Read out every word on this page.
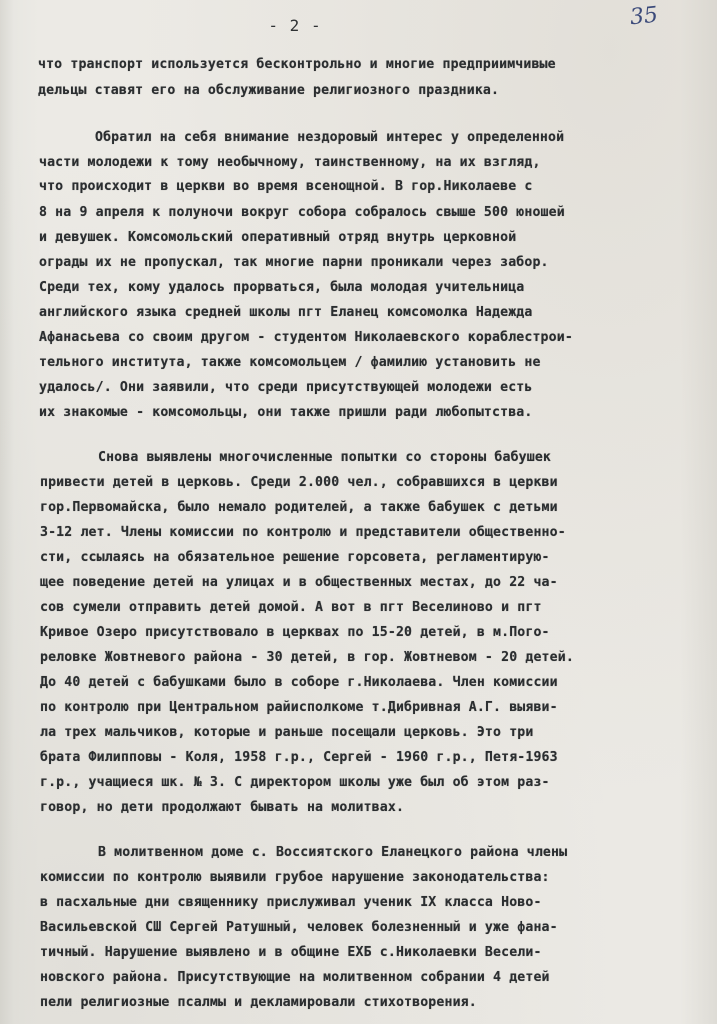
- 2 -	35
что транспорт используется бесконтрольно и многие предприимчивые
дельцы ставят его на обслуживание религиозного праздника.
Обратил на себя внимание нездоровый интерес у определенной
части молодежи к тому необычному, таинственному, на их взгляд,
что происходит в церкви во время всенощной. В гор.Николаеве с
8 на 9 апреля к полуночи вокруг собора собралось свыше 500 юношей
и девушек. Комсомольский оперативный отряд внутрь церковной
ограды их не пропускал, так многие парни проникали через забор.
Среди тех, кому удалось прорваться, была молодая учительница
английского языка средней школы пгт Еланец комсомолка Надежда
Афанасьева со своим другом - студентом Николаевского кораблестрои-
тельного института, также комсомольцем / фамилию установить не
удалось/. Они заявили, что среди присутствующей молодежи есть
их знакомые - комсомольцы, они также пришли ради любопытства.
Снова выявлены многочисленные попытки со стороны бабушек
привести детей в церковь. Среди 2.000 чел., собравшихся в церкви
гор.Первомайска, было немало родителей, а также бабушек с детьми
3-12 лет. Члены комиссии по контролю и представители общественно-
сти, ссылаясь на обязательное решение горсовета, регламентирую-
щее поведение детей на улицах и в общественных местах, до 22 ча-
сов сумели отправить детей домой. А вот в пгт Веселиново и пгт
Кривое Озеро присутствовало в церквах по 15-20 детей, в м.Пого-
реловке Жовтневого района - 30 детей, в гор. Жовтневом - 20 детей.
До 40 детей с бабушками было в соборе г.Николаева. Член комиссии
по контролю при Центральном райисполкоме т.Дибривная А.Г. выяви-
ла трех мальчиков, которые и раньше посещали церковь. Это три
брата Филипповы - Коля, 1958 г.р., Сергей - 1960 г.р., Петя-1963
г.р., учащиеся шк. № 3. С директором школы уже был об этом раз-
говор, но дети продолжают бывать на молитвах.
В молитвенном доме с. Воссиятского Еланецкого района члены
комиссии по контролю выявили грубое нарушение законодательства:
в пасхальные дни священнику прислуживал ученик IX класса Ново-
Васильевской СШ Сергей Ратушный, человек болезненный и уже фана-
тичный. Нарушение выявлено и в общине ЕХБ с.Николаевки Весели-
новского района. Присутствующие на молитвенном собрании 4 детей
пели религиозные псалмы и декламировали стихотворения.
